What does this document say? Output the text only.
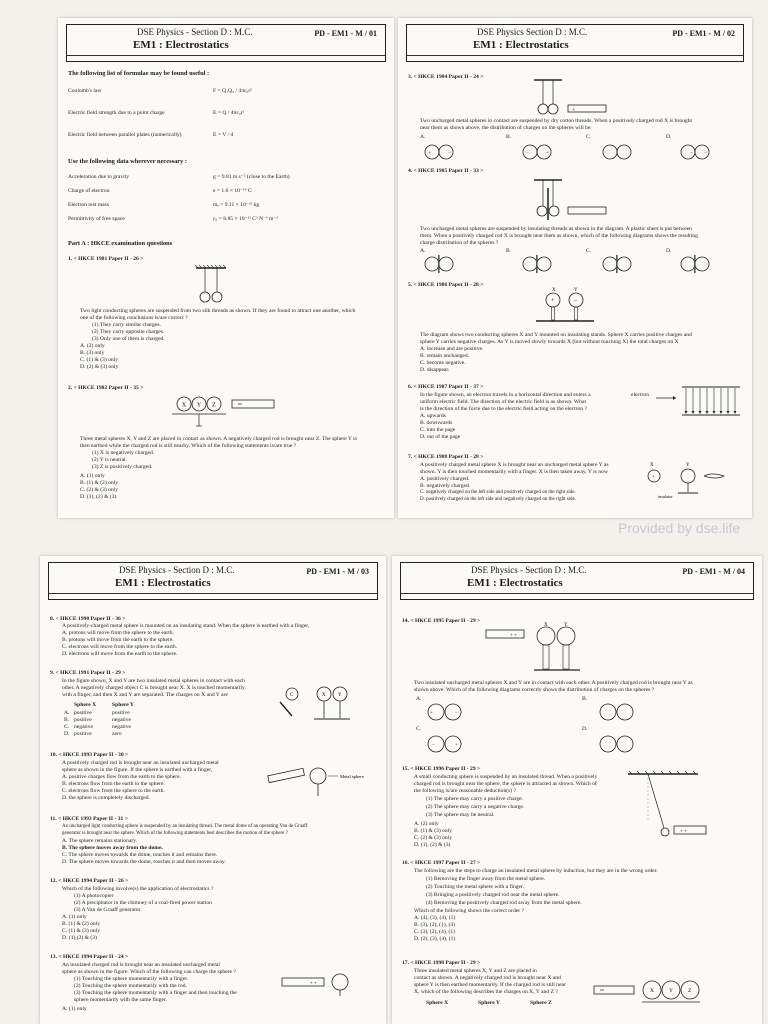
DSE Physics - Section D : M.C.
EM1 : Electrostatics
PD - EM1 - M / 01
The following list of formulae may be found useful :
Coulomb's law	F = Q₁Q₂ / 4πε₀r²
Electric field strength due to a point charge	E = Q / 4πε₀r²
Electric field between parallel plates (numerically)	E = V / d
Use the following data wherever necessary :
Acceleration due to gravity	g = 9.81 m s⁻² (close to the Earth)
Charge of electron	e = 1.6 × 10⁻¹⁹ C
Electron rest mass	mₑ = 9.11 × 10⁻³¹ kg
Permittivity of free space	ε₀ = 8.85 × 10⁻¹² C² N⁻¹ m⁻²
Part A : HKCE examination questions
1. < HKCE 1981 Paper II - 26 >
Two light conducting spheres are suspended from two silk threads as shown. If they are found to attract one another, which
one of the following conclusions is/are correct ?
(1) They carry similar charges.
(2) They carry opposite charges.
(3) Only one of them is charged.
A. (2) only
B. (3) only
C. (1) & (3) only
D. (2) & (3) only
2. < HKCE 1982 Paper II - 35 >
X Y Z
Three metal spheres X, Y and Z are placed in contact as shown. A negatively charged rod is brought near Z. The sphere Y is
then earthed while the charged rod is still nearby. Which of the following statements is/are true ?
(1) X is negatively charged.
(2) Y is neutral.
(3) Z is positively charged.
A. (1) only
B. (1) & (2) only
C. (2) & (3) only
D. (1), (2) & (3)
DSE Physics Section D : M.C.
EM1 : Electrostatics
PD - EM1 - M / 02
3. < HKCE 1984 Paper II - 24 >
+
Two uncharged metal spheres in contact are suspended by dry cotton threads. When a positively charged rod X is brought
near them as shown above, the distribution of charges on the spheres will be
A.	B.	C.	D.
+	−	−	+	− −
4. < HKCE 1985 Paper II - 33 >
Two uncharged metal spheres are suspended by insulating threads as shown in the diagram. A plastic sheet is put between
them. When a positively charged rod X is brought near them as shown, which of the following diagrams shows the resulting
charge distribution of the spheres ?
A.	B.	C.	D.
5. < HKCE 1986 Paper II - 28 >
X	Y
+	−
The diagram shows two conducting spheres X and Y mounted on insulating stands. Sphere X carries positive charges and
sphere Y carries negative charges. As Y is moved slowly towards X (but without touching X) the total charges on X
A. increase and are positive.
B. remain unchanged.
C. become negative.
D. disappear.
6. < HKCE 1987 Paper II - 37 >
In the figure shown, an electron travels in a horizontal direction and enters a
uniform electric field. The direction of the electric field is as shown. What
is the direction of the force due to the electric field acting on the electron ?
A. upwards
B. downwards
C. into the page
D. out of the page
electron
7. < HKCE 1988 Paper II - 28 >
A positively charged metal sphere X is brought near an uncharged metal sphere Y as
shown. Y is then touched momentarily with a finger. X is then taken away. Y is now
A. positively charged.
B. negatively charged.
C. negatively charged on the left side and positively charged on the right side.
D. positively charged on the left side and negatively charged on the right side.
X	Y
+
insulator
DSE Physics - Section D : M.C.
EM1 : Electrostatics
PD - EM1 - M / 03
8. < HKCE 1990 Paper II - 36 >
A positively-charged metal sphere is mounted on an insulating stand. When the sphere is earthed with a finger,
A. protons will move from the sphere to the earth.
B. protons will move from the earth to the sphere.
C. electrons will move from the sphere to the earth.
D. electrons will move from the earth to the sphere.
9. < HKCE 1991 Paper II - 29 >
In the figure shown, X and Y are two insulated metal spheres in contact with each
other. A negatively charged object C is brought near X. X is touched momentarily
with a finger, and then X and Y are separated. The charges on X and Y are
Sphere X	Sphere Y
A. positive	positive
B. positive	negative
C. negative	negative
D. positive	zero
C	X Y
10. < HKCE 1993 Paper II - 30 >
A positively charged rod is brought near an insulated uncharged metal
sphere as shown in the figure. If the sphere is earthed with a finger,
A. positive charges flow from the earth to the sphere.
B. electrons flow from the earth to the sphere.
C. electrons flow from the sphere to the earth.
D. the sphere is completely discharged.
Metal sphere
11. < HKCE 1993 Paper II - 31 >
An uncharged light conducting sphere is suspended by an insulating thread. The metal dome of an operating Van de Graaff
generator is brought near the sphere. Which of the following statements best describes the motion of the sphere ?
A. The sphere remains stationary.
B. The sphere moves away from the dome.
C. The sphere moves towards the dome, touches it and remains there.
D. The sphere moves towards the dome, touches it and then moves away.
12. < HKCE 1994 Paper II - 26 >
Which of the following involve(s) the application of electrostatics ?
(1) A photocopier
(2) A precipitator in the chimney of a coal-fired power station
(3) A Van de Graaff generator
A. (1) only
B. (1) & (2) only
C. (1) & (3) only
D. (1),(2) & (3)
13. < HKCE 1994 Paper II - 24 >
An insulated charged rod is brought near an insulated uncharged metal
sphere as shown in the figure. Which of the following can charge the sphere ?
(1) Touching the sphere momentarily with a finger.
(2) Touching the sphere momentarily with the rod.
(3) Touching the sphere momentarily with a finger and then touching the
sphere momentarily with the same finger.
A. (1) only
+ +
DSE Physics - Section D : M.C.
EM1 : Electrostatics
PD - EM1 - M / 04
14. < HKCE 1995 Paper II - 29 >
+ +
X	Y
Two insulated uncharged metal spheres X and Y are in contact with each other. A positively charged rod is brought near Y as
shown above. Which of the following diagrams correctly shows the distribution of charges on the spheres ?
A.	B.
C.	D.
+	−
−	+
15. < HKCE 1996 Paper II - 29 >
A small conducting sphere is suspended by an insulated thread. When a positively
charged rod is brought near the sphere, the sphere is attracted as shown. Which of
the following is/are reasonable deduction(s) ?
(1) The sphere may carry a positive charge.
(2) The sphere may carry a negative charge.
(3) The sphere may be neutral.
A. (2) only
B. (1) & (3) only
C. (2) & (3) only
D. (1), (2) & (3)
+ +
16. < HKCE 1997 Paper II - 27 >
The following are the steps to charge an insulated metal sphere by induction, but they are in the wrong order.
(1) Removing the finger away from the metal sphere.
(2) Touching the metal sphere with a finger.
(3) Bringing a positively charged rod near the metal sphere.
(4) Removing the positively charged rod away from the metal sphere.
Which of the following shows the correct order ?
A. (4), (3), (4), (1)
B. (3), (2), (1), (4)
C. (3), (2), (4), (1)
D. (2), (3), (4), (1)
17. < HKCE 1998 Paper II - 29 >
Three insulated metal spheres X, Y and Z are placed in
contact as shown. A negatively charged rod is brought near X and
sphere Y is then earthed momentarily. If the charged rod is still near
X, which of the following describes the charges on X, Y and Z ?
Sphere X	Sphere Y	Sphere Z
X	Y	Z
Provided by dse.life
